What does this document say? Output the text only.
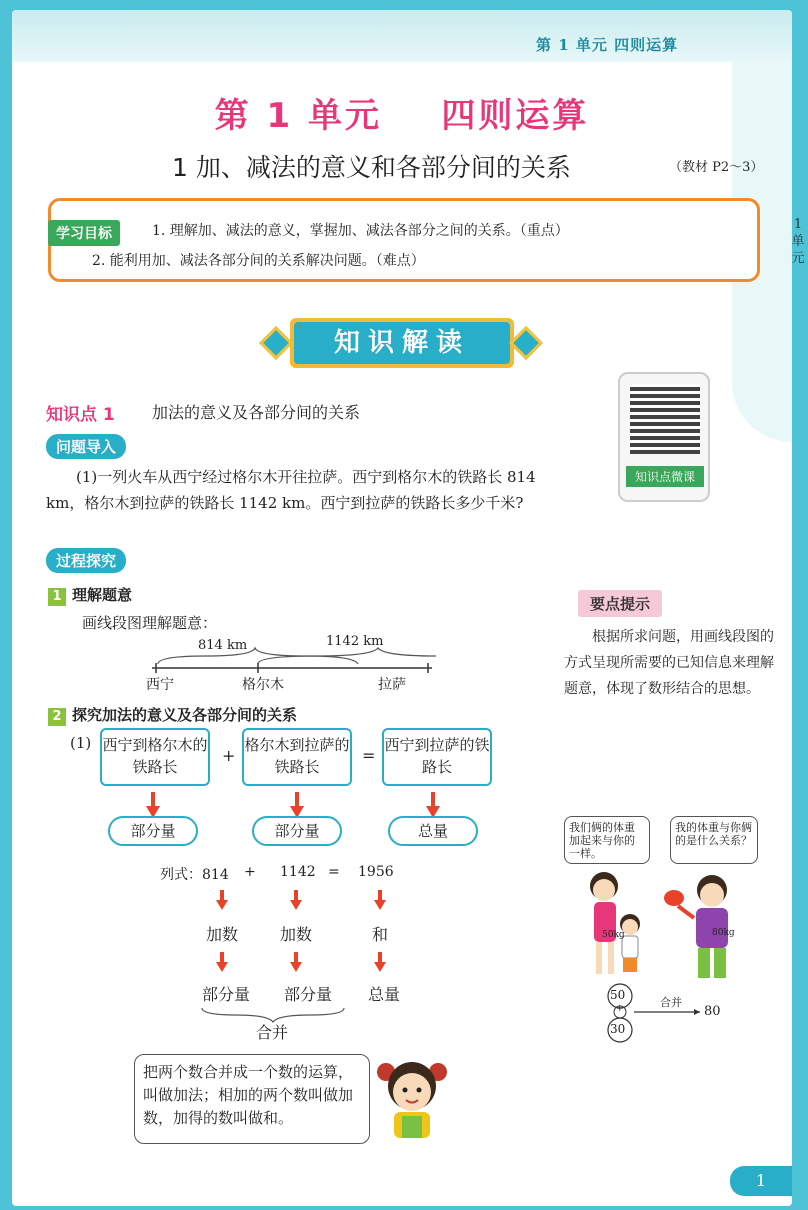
第 1 单元 四则运算
第 1 单元    四则运算
1 加、减法的意义和各部分间的关系	（教材 P2～3）
学习目标	1. 理解加、减法的意义，掌握加、减法各部分之间的关系。（重点）
2. 能利用加、减法各部分间的关系解决问题。（难点）
知识解读
知识点 1 加法的意义及各部分间的关系
问题导入
(1)一列火车从西宁经过格尔木开往拉萨。西宁到格尔木的铁路长 814 km，格尔木到拉萨的铁路长 1142 km。西宁到拉萨的铁路长多少千米?
知识点微课
过程探究
1 理解题意
画线段图理解题意：
814 km	1142 km
西宁	格尔木	拉萨
2 探究加法的意义及各部分间的关系
(1) 西宁到格尔木的铁路长
+
格尔木到拉萨的铁路长
=
西宁到拉萨的铁路长
部分量	部分量	总量
列式：814 + 1142 = 1956
加数	加数	和
部分量 部分量 总量
合并
把两个数合并成一个数的运算，叫做加法；相加的两个数叫做加数，加得的数叫做和。
要点提示
根据所求问题，用画线段图的方式呈现所需要的已知信息来理解题意，体现了数形结合的思想。
我们俩的体重加起来与你的一样。
我的体重与你俩的是什么关系？
50kg	80kg
50
+
30
合并
80
1单元
1
